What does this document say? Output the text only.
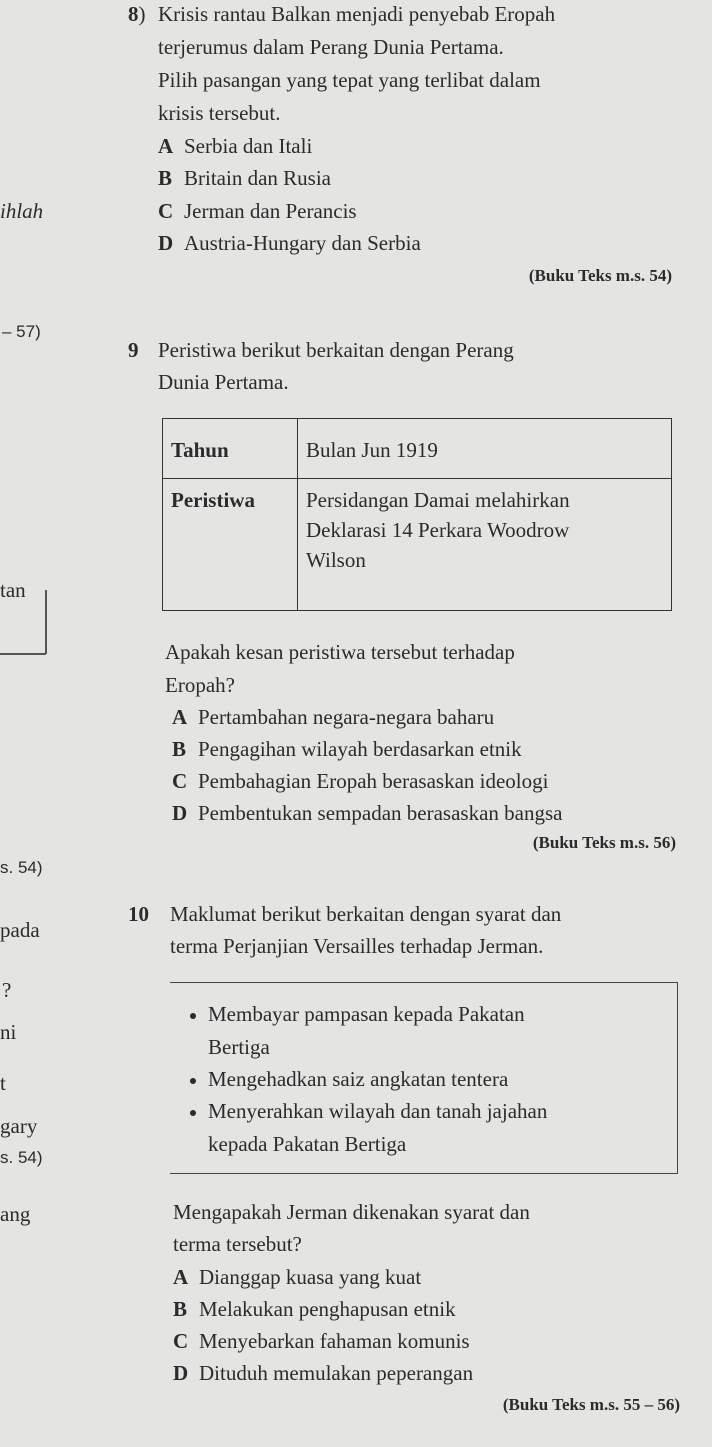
8) Krisis rantau Balkan menjadi penyebab Eropah
terjerumus dalam Perang Dunia Pertama.
Pilih pasangan yang tepat yang terlibat dalam
krisis tersebut.
A Serbia dan Itali
B Britain dan Rusia
C Jerman dan Perancis
D Austria-Hungary dan Serbia
(Buku Teks m.s. 54)
9 Peristiwa berikut berkaitan dengan Perang
Dunia Pertama.
Tahun	Bulan Jun 1919
Peristiwa	Persidangan Damai melahirkan
Deklarasi 14 Perkara Woodrow
Wilson
Apakah kesan peristiwa tersebut terhadap
Eropah?
A Pertambahan negara-negara baharu
B Pengagihan wilayah berdasarkan etnik
C Pembahagian Eropah berasaskan ideologi
D Pembentukan sempadan berasaskan bangsa
(Buku Teks m.s. 56)
10 Maklumat berikut berkaitan dengan syarat dan
terma Perjanjian Versailles terhadap Jerman.
Membayar pampasan kepada Pakatan
Bertiga
Mengehadkan saiz angkatan tentera
Menyerahkan wilayah dan tanah jajahan
kepada Pakatan Bertiga
Mengapakah Jerman dikenakan syarat dan
terma tersebut?
A Dianggap kuasa yang kuat
B Melakukan penghapusan etnik
C Menyebarkan fahaman komunis
D Dituduh memulakan peperangan
(Buku Teks m.s. 55 – 56)
ihlah
– 57)
tan
s. 54)
pada
?
ni
t
gary
s. 54)
ang
